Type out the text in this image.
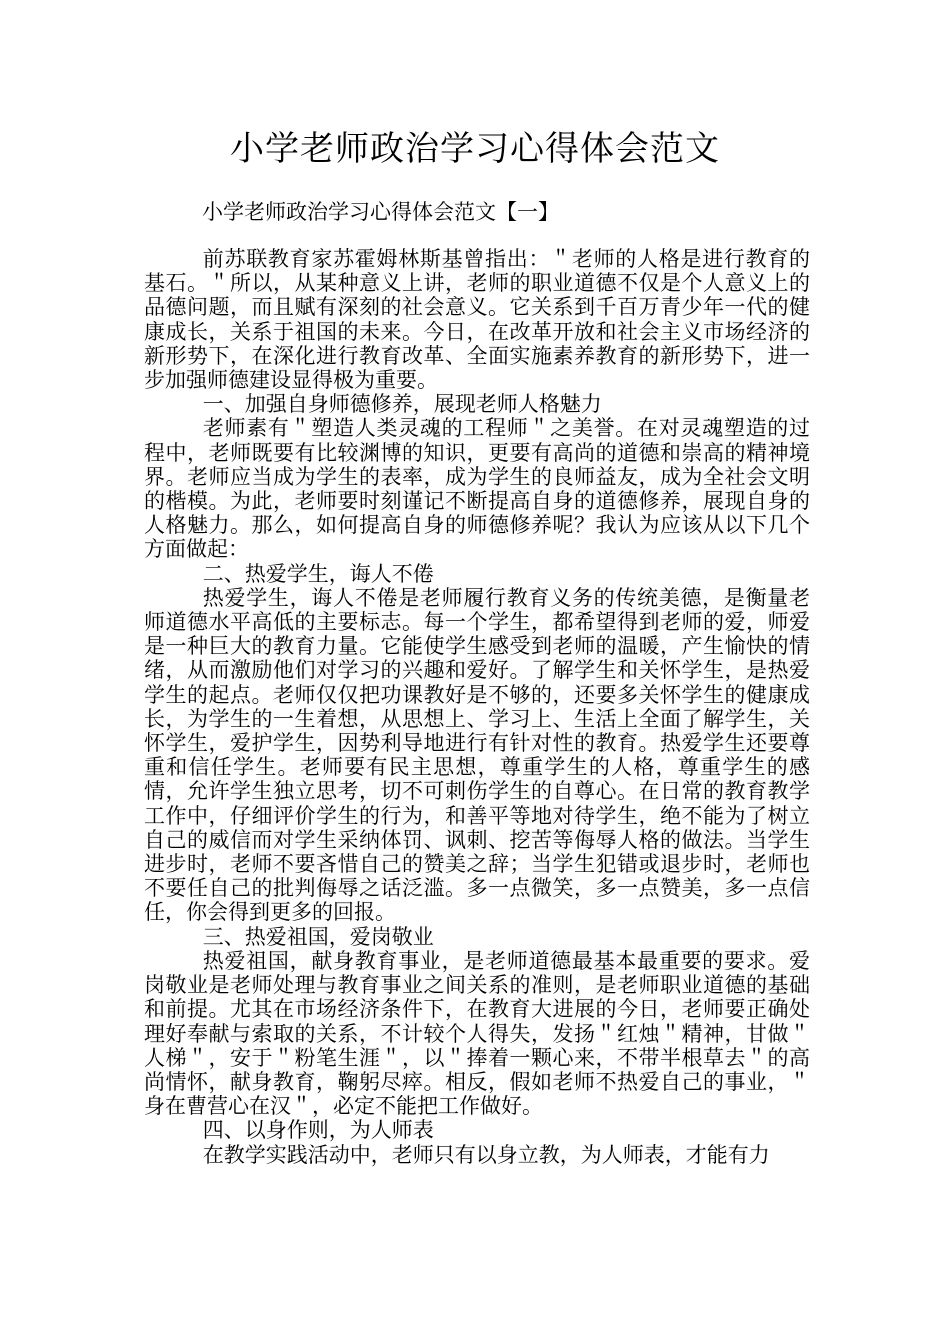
小学老师政治学习心得体会范文

小学老师政治学习心得体会范文【一】

前苏联教育家苏霍姆林斯基曾指出：＂老师的人格是进行教育的基石。＂所以，从某种意义上讲，老师的职业道德不仅是个人意义上的品德问题，而且赋有深刻的社会意义。它关系到千百万青少年一代的健康成长，关系于祖国的未来。今日，在改革开放和社会主义市场经济的新形势下，在深化进行教育改革、全面实施素养教育的新形势下，进一步加强师德建设显得极为重要。

一、加强自身师德修养，展现老师人格魅力

老师素有＂塑造人类灵魂的工程师＂之美誉。在对灵魂塑造的过程中，老师既要有比较渊博的知识，更要有高尚的道德和崇高的精神境界。老师应当成为学生的表率，成为学生的良师益友，成为全社会文明的楷模。为此，老师要时刻谨记不断提高自身的道德修养，展现自身的人格魅力。那么，如何提高自身的师德修养呢？我认为应该从以下几个方面做起：

二、热爱学生，诲人不倦

热爱学生，诲人不倦是老师履行教育义务的传统美德，是衡量老师道德水平高低的主要标志。每一个学生，都希望得到老师的爱，师爱是一种巨大的教育力量。它能使学生感受到老师的温暖，产生愉快的情绪，从而激励他们对学习的兴趣和爱好。了解学生和关怀学生，是热爱学生的起点。老师仅仅把功课教好是不够的，还要多关怀学生的健康成长，为学生的一生着想，从思想上、学习上、生活上全面了解学生，关怀学生，爱护学生，因势利导地进行有针对性的教育。热爱学生还要尊重和信任学生。老师要有民主思想，尊重学生的人格，尊重学生的感情，允许学生独立思考，切不可刺伤学生的自尊心。在日常的教育教学工作中，仔细评价学生的行为，和善平等地对待学生，绝不能为了树立自己的威信而对学生采纳体罚、讽刺、挖苦等侮辱人格的做法。当学生进步时，老师不要吝惜自己的赞美之辞；当学生犯错或退步时，老师也不要任自己的批判侮辱之话泛滥。多一点微笑，多一点赞美，多一点信任，你会得到更多的回报。

三、热爱祖国，爱岗敬业

热爱祖国，献身教育事业，是老师道德最基本最重要的要求。爱岗敬业是老师处理与教育事业之间关系的准则，是老师职业道德的基础和前提。尤其在市场经济条件下，在教育大进展的今日，老师要正确处理好奉献与索取的关系，不计较个人得失，发扬＂红烛＂精神，甘做＂人梯＂，安于＂粉笔生涯＂，以＂捧着一颗心来，不带半根草去＂的高尚情怀，献身教育，鞠躬尽瘁。相反，假如老师不热爱自己的事业，＂身在曹营心在汉＂，必定不能把工作做好。

四、以身作则，为人师表

在教学实践活动中，老师只有以身立教，为人师表，才能有力
